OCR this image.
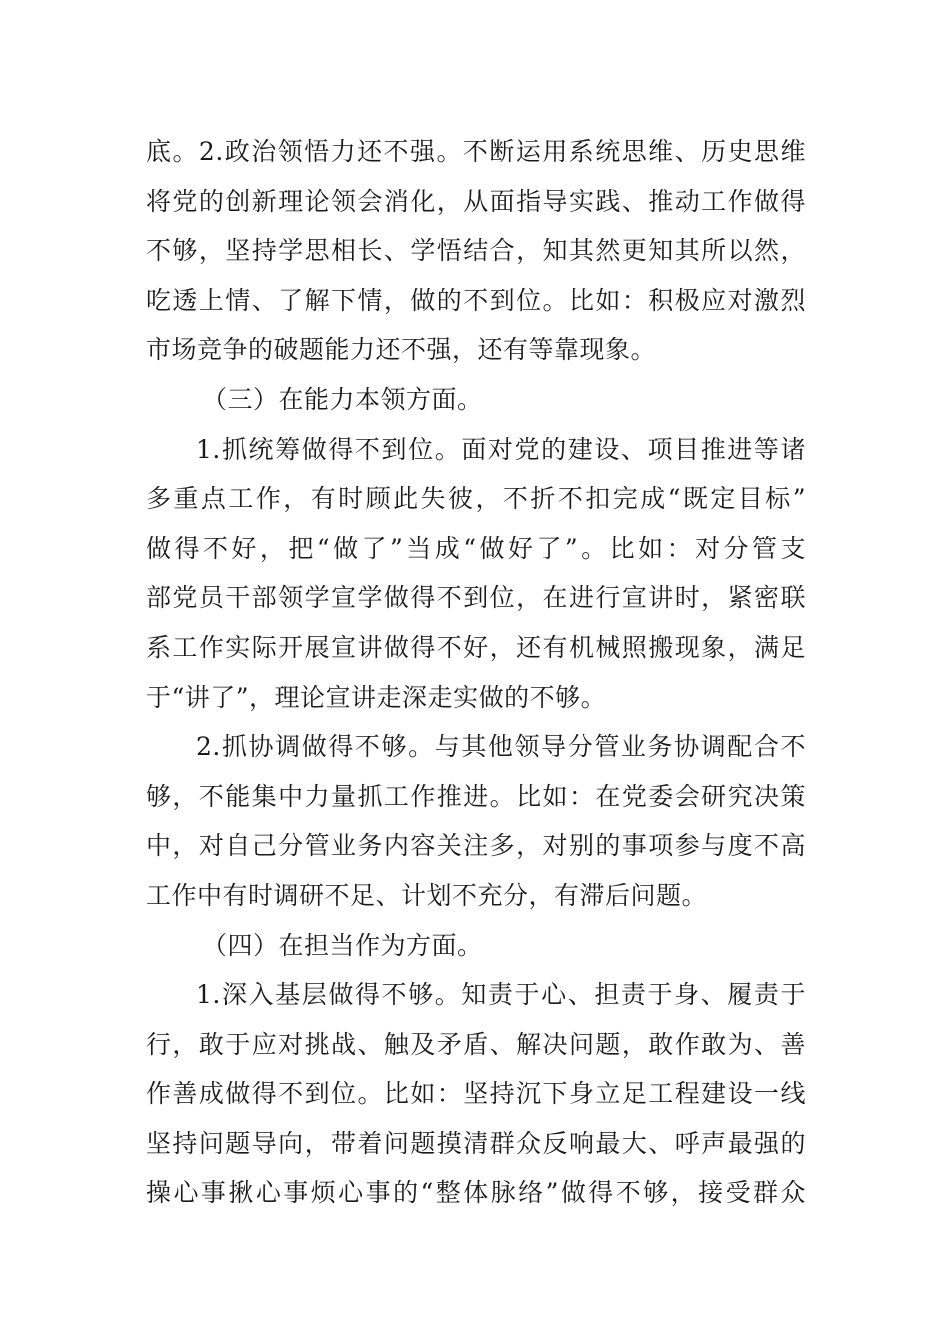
底。2.政治领悟力还不强。不断运用系统思维、历史思维
将党的创新理论领会消化，从面指导实践、推动工作做得
不够，坚持学思相长、学悟结合，知其然更知其所以然，
吃透上情、了解下情，做的不到位。比如：积极应对激烈
市场竞争的破题能力还不强，还有等靠现象。
（三）在能力本领方面。
1.抓统筹做得不到位。面对党的建设、项目推进等诸
多重点工作，有时顾此失彼，不折不扣完成“既定目标”
做得不好，把“做了”当成“做好了”。比如：对分管支
部党员干部领学宣学做得不到位，在进行宣讲时，紧密联
系工作实际开展宣讲做得不好，还有机械照搬现象，满足
于“讲了”，理论宣讲走深走实做的不够。
2.抓协调做得不够。与其他领导分管业务协调配合不
够，不能集中力量抓工作推进。比如：在党委会研究决策
中，对自己分管业务内容关注多，对别的事项参与度不高
工作中有时调研不足、计划不充分，有滞后问题。
（四）在担当作为方面。
1.深入基层做得不够。知责于心、担责于身、履责于
行，敢于应对挑战、触及矛盾、解决问题，敢作敢为、善
作善成做得不到位。比如：坚持沉下身立足工程建设一线
坚持问题导向，带着问题摸清群众反响最大、呼声最强的
操心事揪心事烦心事的“整体脉络”做得不够，接受群众
